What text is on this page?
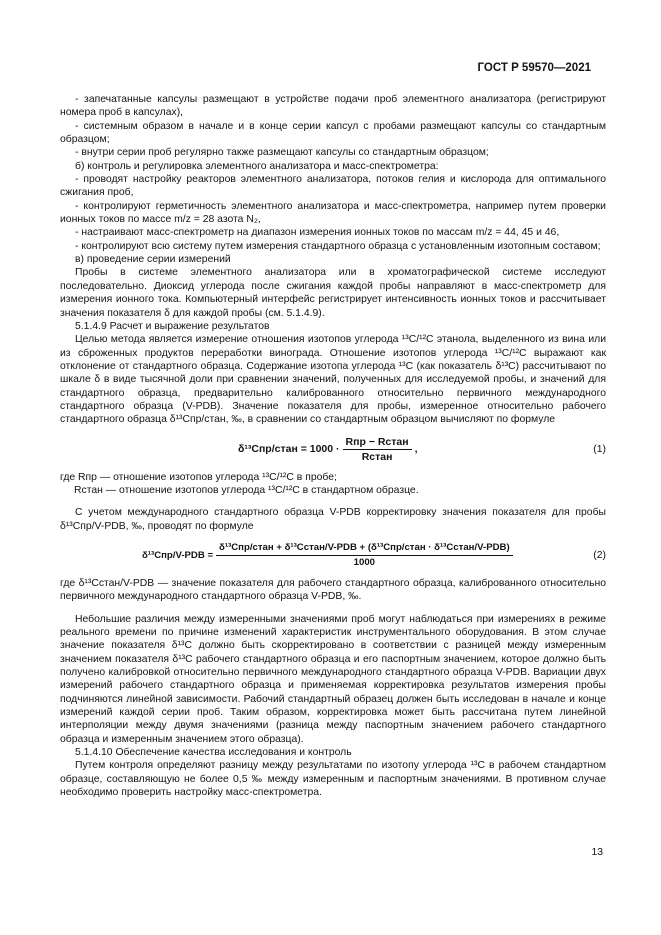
ГОСТ Р 59570—2021

- запечатанные капсулы размещают в устройстве подачи проб элементного анализатора (регистрируют номера проб в капсулах),

- системным образом в начале и в конце серии капсул с пробами размещают капсулы со стандартным образцом;

- внутри серии проб регулярно также размещают капсулы со стандартным образцом;

б) контроль и регулировка элементного анализатора и масс-спектрометра:

- проводят настройку реакторов элементного анализатора, потоков гелия и кислорода для оптимального сжигания проб,

- контролируют герметичность элементного анализатора и масс-спектрометра, например путем проверки ионных токов по массе m/z = 28 азота N₂,

- настраивают масс-спектрометр на диапазон измерения ионных токов по массам m/z = 44, 45 и 46,

- контролируют всю систему путем измерения стандартного образца с установленным изотопным составом;

в) проведение серии измерений

Пробы в системе элементного анализатора или в хроматографической системе исследуют последовательно. Диоксид углерода после сжигания каждой пробы направляют в масс-спектрометр для измерения ионного тока. Компьютерный интерфейс регистрирует интенсивность ионных токов и рассчитывает значения показателя δ для каждой пробы (см. 5.1.4.9).

5.1.4.9 Расчет и выражение результатов

Целью метода является измерение отношения изотопов углерода ¹³C/¹²C этанола, выделенного из вина или из сброженных продуктов переработки винограда. Отношение изотопов углерода ¹³C/¹²C выражают как отклонение от стандартного образца. Содержание изотопа углерода ¹³C (как показатель δ¹³C) рассчитывают по шкале δ в виде тысячной доли при сравнении значений, полученных для исследуемой пробы, и значений для стандартного образца, предварительно калиброванного относительно первичного международного стандартного образца (V-PDB). Значение показателя для пробы, измеренное относительно рабочего стандартного образца δ¹³Cпр/стан, ‰, в сравнении со стандартным образцом вычисляют по формуле

δ¹³Cпр/стан = $1000 \cdot \frac{\text{Rпр − Rстан}}{\text{Rстан}}$ ,	(1)

где Rпр — отношение изотопов углерода ¹³C/¹²C в пробе;

Rстан — отношение изотопов углерода ¹³C/¹²C в стандартном образце.

С учетом международного стандартного образца V-PDB корректировку значения показателя для пробы δ¹³Cпр/V-PDB, ‰, проводят по формуле

δ¹³Cпр/V-PDB =
δ¹³Cпр/стан + δ¹³Cстан/V-PDB + (δ¹³Cпр/стан · δ¹³Cстан/V-PDB)
1000
(2)

где δ¹³Cстан/V-PDB — значение показателя для рабочего стандартного образца, калиброванного относительно первичного международного стандартного образца V-PDB, ‰.

Небольшие различия между измеренными значениями проб могут наблюдаться при измерениях в режиме реального времени по причине изменений характеристик инструментального оборудования. В этом случае значение показателя δ¹³C должно быть скорректировано в соответствии с разницей между измеренным значением показателя δ¹³C рабочего стандартного образца и его паспортным значением, которое должно быть получено калибровкой относительно первичного международного стандартного образца V-PDB. Вариации двух измерений рабочего стандартного образца и применяемая корректировка результатов измерения пробы подчиняются линейной зависимости. Рабочий стандартный образец должен быть исследован в начале и конце измерений каждой серии проб. Таким образом, корректировка может быть рассчитана путем линейной интерполяции между двумя значениями (разница между паспортным значением рабочего стандартного образца и измеренным значением этого образца).

5.1.4.10 Обеспечение качества исследования и контроль

Путем контроля определяют разницу между результатами по изотопу углерода ¹³C в рабочем стандартном образце, составляющую не более 0,5 ‰ между измеренным и паспортным значениями. В противном случае необходимо проверить настройку масс-спектрометра.

13
